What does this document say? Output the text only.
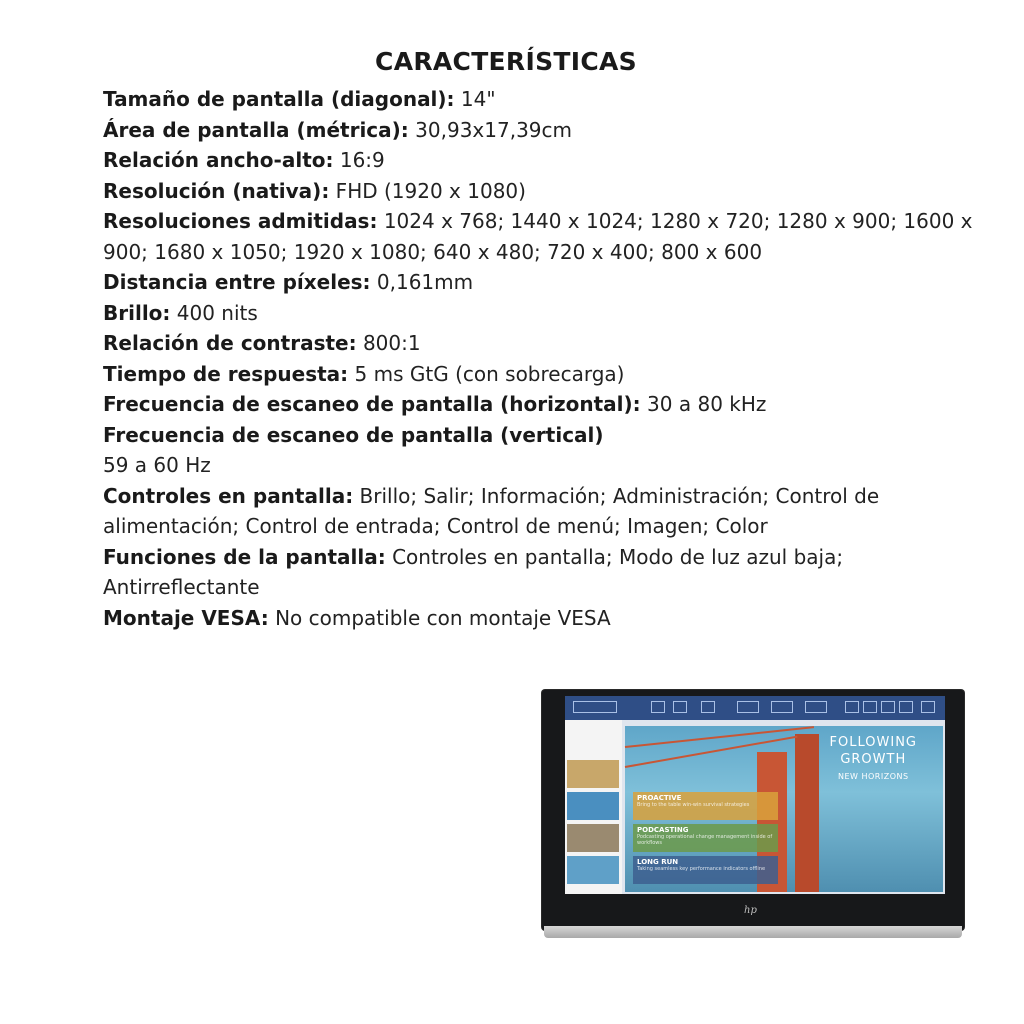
CARACTERÍSTICAS

Tamaño de pantalla (diagonal): 14"

Área de pantalla (métrica): 30,93x17,39cm

Relación ancho-alto: 16:9

Resolución (nativa): FHD (1920 x 1080)

Resoluciones admitidas: 1024 x 768; 1440 x 1024; 1280 x 720; 1280 x 900; 1600 x 900; 1680 x 1050; 1920 x 1080; 640 x 480; 720 x 400; 800 x 600

Distancia entre píxeles: 0,161mm

Brillo: 400 nits

Relación de contraste: 800:1

Tiempo de respuesta: 5 ms GtG (con sobrecarga)

Frecuencia de escaneo de pantalla (horizontal): 30 a 80 kHz

Frecuencia de escaneo de pantalla (vertical)

59 a 60 Hz

Controles en pantalla: Brillo; Salir; Información; Administración; Control de alimentación; Control de entrada; Control de menú; Imagen; Color

Funciones de la pantalla: Controles en pantalla; Modo de luz azul baja; Antirreflectante

Montaje VESA: No compatible con montaje VESA

FOLLOWING
GROWTH
NEW HORIZONS
PROACTIVE
Bring to the table win-win survival strategies
PODCASTING
Podcasting operational change management inside of workflows
LONG RUN
Taking seamless key performance indicators offline
hp
